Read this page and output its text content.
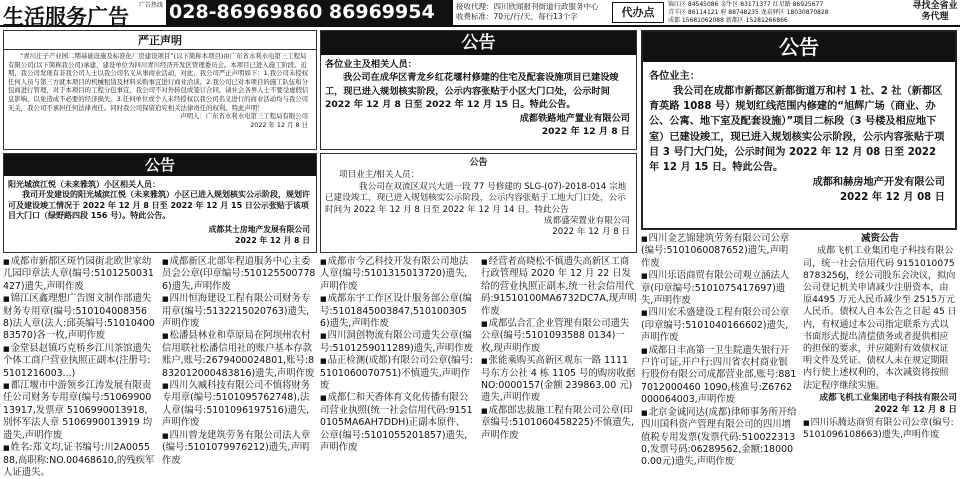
生活服务广告 广告热线 028-86969860 86969954	接收代理：四川欣闻报刊街道行政服务中心
收费标准：70元/行/天，每行13个字	代办点
锦江区 84545086 金牛区 83171377 红星路 86925677
青羊区 86114121 府 88748235 龙泉驿区 18030870828
成都 15681062088 新都区 15281266866
寻找全省业务代理
严正声明

“青川庄子产业园二期基础设施及标准化厂房建设项目”(以下简称本项目)由广东省水利水电第三工程局有限公司(以下简称我公司)承建，建设单位为四川青川经济开发区管理委员会。本项目已进入施工阶段。近期，我公司发现有非我公司人士以我公司名义从事商业活动，对此，我公司严正声明如下：1.我公司未授权任何人员与第三方就本项目的机械租赁及材料采购事宜进行商业洽谈。2.我公司已对本项目的施工队伍和分包商进行管理，对于本项目的工程分包事宜，我公司不对外转包或签订合同，请社会各界人士不要受虚假信息影响，以免造成不必要的经济损失。3.任何单位或个人未经授权以我公司名义进行的商业活动均与我公司无关，我公司不承担任何法律责任。同时我公司保留追究相关法律责任的权利。特此声明！

声明人：广东省水利水电第三工程局有限公司
2022 年 12 月 8 日
公告

阳光城滨江悦（未来雅筑）小区相关人员：

我司开发建设的阳光城滨江悦（未来雅筑）小区已进入规划核实公示阶段，规划许可及建设竣工情况于 2022 年 12 月 8 日至 2022 年 12 月 15 日公示张贴于该项目大门口（绿野路四段 156 号）。特此公告。

成都其士房地产发展有限公司
2022 年 12 月 8 日
公告

各位业主及相关人员：

我公司在成华区青龙乡红花堰村修建的住宅及配套设施项目已建设竣工，现已进入规划核实阶段，公示内容张贴于小区大门口处，公示时间 2022 年 12 月 8 日至 2022 年 12 月 15 日。特此公告。

成都铁路地产置业有限公司
2022 年 12 月 8 日
公告

项目业主/相关人员：

我公司在双流区双兴大道一段 77 号修建的 SLG-(07)-2018-014 宗地已建设竣工，现已进入规划核实公示阶段，公示内容张贴于工地大门口处，公示时间为 2022 年 12 月 8 日至 2022 年 12 月 14 日。特此公告

成都盛荣置业有限公司
2022 年 12 月 8 日
公告

各位业主：

我公司在成都市新都区新都街道万和村 1 社、2 社（新都区育英路 1088 号）规划红线范围内修建的“旭辉广场（商业、办公、公寓、地下室及配套设施）”项目二标段（3 号楼及相应地下室）已建设竣工，现已进入规划核实公示阶段，公示内容张贴于项目 3 号门大门处，公示时间为 2022 年 12 月 08 日至 2022 年 12 月 15 日。特此公告。

成都和赫房地产开发有限公司
2022 年 12 月 08 日
■ 成都市新都区斑竹园街北欧世家幼儿园印章法人章(编号:5101250031427)遗失,声明作废
■ 锦江区鑫理想广告图文制作部遗失财务专用章(编号:5101040083568)法人章(法人:邱英编号:5101040083570)各一枚,声明作废
■ 金堂县赵镇巧克桥乡江川茶馆遗失个体工商户营业执照正副本(注册号:5101216003...)
■ 都江堰市中游领乡江涛发展有限责任公司财务专用章(编号:5106990013917,发票章 5106990013918,别怀军法人章 5106990013919 均遗失,声明作废
■ 姓名:郑文均,证书编号:川2A005588,高职称:NO.00468610,的残疾军人证遗失。
■ 成都新区北部年程道服务中心主委员会公章(印章编号:5101255007786)遗失,声明作废
■ 四川恒海建设工程有限公司财务专用章(编号:5132215020763)遗失,声明作废
■ 松潘县林业和草原局在阿坝州农村信用联社松潘信用社的账户基本存款账户,账号:2679400024801,账号:8832012000483816)遗失,声明作废
■ 四川久臧科技有限公司不慎将财务专用章(编号:5101095762748),法人章(编号:5101096197516)遗失,声明作废
■ 四川曾龙建筑劳务有限公司法人章(编号:5101079976212)遗失,声明作废
■ 成都市今乙科技开发有限公司地法人章(编号:5101315013720)遗失,声明作废
■ 成都东宇工作区设计服务部公章(编号:5101845003847,5101003056)遗失,声明作废
■ 四川洞创物流有限公司遗失公章(编号:5101259011289)遗失,声明作废
■ 品正检测(成都)有限公司公章(编号:5101060070751)不慎遗失,声明作废
■ 成都仁和天香体育文化传播有限公司营业执照(统一社会信用代码:91510105MA6AH7DDH)正副本原件、公章(编号:5101055201857)遗失,声明作废
■ 经营者高晓松不慎遗失高新区工商行政管理局 2020 年 12 月 22 日发给的营业执照正副本,统一社会信用代码:91510100MA6732DC7A,现声明作废
■ 成都弘合汇企业管理有限公司遗失公章(编号:5101093588 0134)一枚,现声明作废
■ 张能乘购买高新区观东一路 1111 号东方公社 4 栋 1105 号的购房收据 NO:0000157(金额 239863.00 元)遗失,声明作废
■ 成都郎忠拔施工程有限公司公章(印章编号:5101060458225)不慎遗失,声明作废
■ 四川金艺锦建筑劳务有限公司公章(编号:5101060087652)遗失,声明作废
■ 四川乐语商贸有限公司观立涵法人章(印章编号:5101075417697)遗失,声明作废
■ 四川宏禾盛建设工程有限公司公章(印章编号:5101040166602)遗失,声明作废
■ 成都日丰高第一卫生院遗失银行开户许可证,开户行:四川省农村商业银行股份有限公司成都营业部,账号:8817012000460 1090,核准号:Z6762000064003,声明作废
■ 北京金诚同达(成都)律师事务所开给四川国科资产管理有限公司的四川增值税专用发票(发票代码:5100223130,发票号码:06289562,金额:180000.00元)遗失,声明作废
减资公告
成都飞机工业集团电子科技有限公司，统一社会信用代码 91510100758783256J，经公司股东会决议，拟向公司登记机关申请减少注册资本，由原4495 万元人民币减少至 2515万元人民币。债权人自本公告之日起 45 日内，有权通过本公司指定联系方式以书面形式提出清偿债务或者提供相应的担保的要求，并应随附有效债权证明文件及凭证。债权人未在规定期限内行使上述权利的，本次减资将按照法定程序继续实施。
成都飞机工业集团电子科技有限公司
2022 年 12 月 8 日
■ 四川乐腾达商贸有限公司公章(编号:5101096108663)遗失,声明作废
